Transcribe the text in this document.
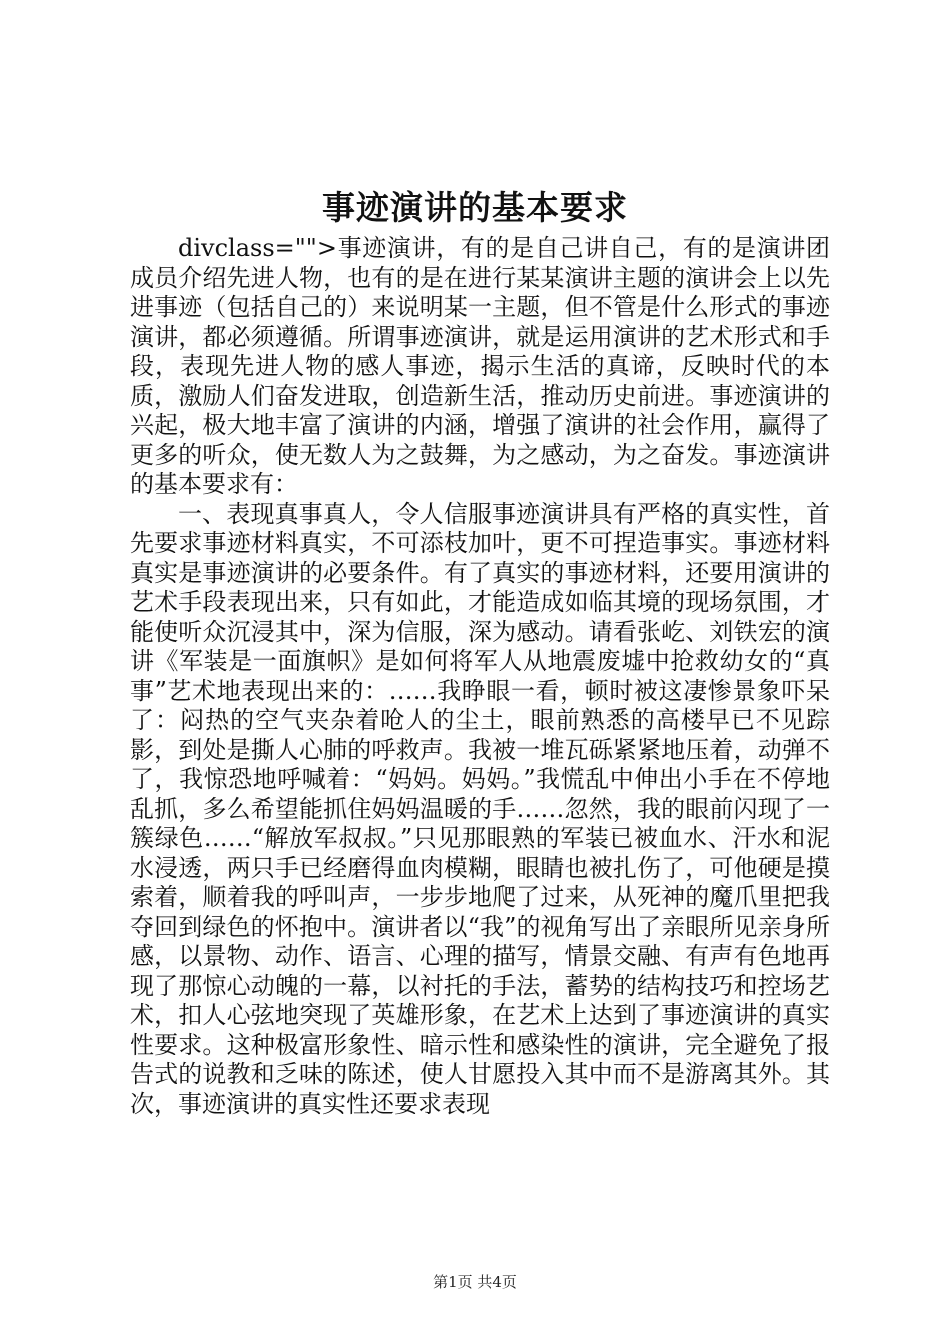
事迹演讲的基本要求

divclass="">事迹演讲，有的是自己讲自己，有的是演讲团成员介绍先进人物，也有的是在进行某某演讲主题的演讲会上以先进事迹（包括自己的）来说明某一主题，但不管是什么形式的事迹演讲，都必须遵循。所谓事迹演讲，就是运用演讲的艺术形式和手段，表现先进人物的感人事迹，揭示生活的真谛，反映时代的本质，激励人们奋发进取，创造新生活，推动历史前进。事迹演讲的兴起，极大地丰富了演讲的内涵，增强了演讲的社会作用，赢得了更多的听众，使无数人为之鼓舞，为之感动，为之奋发。事迹演讲的基本要求有：

一、表现真事真人，令人信服事迹演讲具有严格的真实性，首先要求事迹材料真实，不可添枝加叶，更不可捏造事实。事迹材料真实是事迹演讲的必要条件。有了真实的事迹材料，还要用演讲的艺术手段表现出来，只有如此，才能造成如临其境的现场氛围，才能使听众沉浸其中，深为信服，深为感动。请看张屹、刘铁宏的演讲《军装是一面旗帜》是如何将军人从地震废墟中抢救幼女的“真事”艺术地表现出来的：……我睁眼一看，顿时被这凄惨景象吓呆了：闷热的空气夹杂着呛人的尘土，眼前熟悉的高楼早已不见踪影，到处是撕人心肺的呼救声。我被一堆瓦砾紧紧地压着，动弹不了，我惊恐地呼喊着：“妈妈。妈妈。”我慌乱中伸出小手在不停地乱抓，多么希望能抓住妈妈温暖的手……忽然，我的眼前闪现了一簇绿色……“解放军叔叔。”只见那眼熟的军装已被血水、汗水和泥水浸透，两只手已经磨得血肉模糊，眼睛也被扎伤了，可他硬是摸索着，顺着我的呼叫声，一步步地爬了过来，从死神的魔爪里把我夺回到绿色的怀抱中。演讲者以“我”的视角写出了亲眼所见亲身所感，以景物、动作、语言、心理的描写，情景交融、有声有色地再现了那惊心动魄的一幕，以衬托的手法，蓄势的结构技巧和控场艺术，扣人心弦地突现了英雄形象，在艺术上达到了事迹演讲的真实性要求。这种极富形象性、暗示性和感染性的演讲，完全避免了报告式的说教和乏味的陈述，使人甘愿投入其中而不是游离其外。其次，事迹演讲的真实性还要求表现

第1页 共4页
